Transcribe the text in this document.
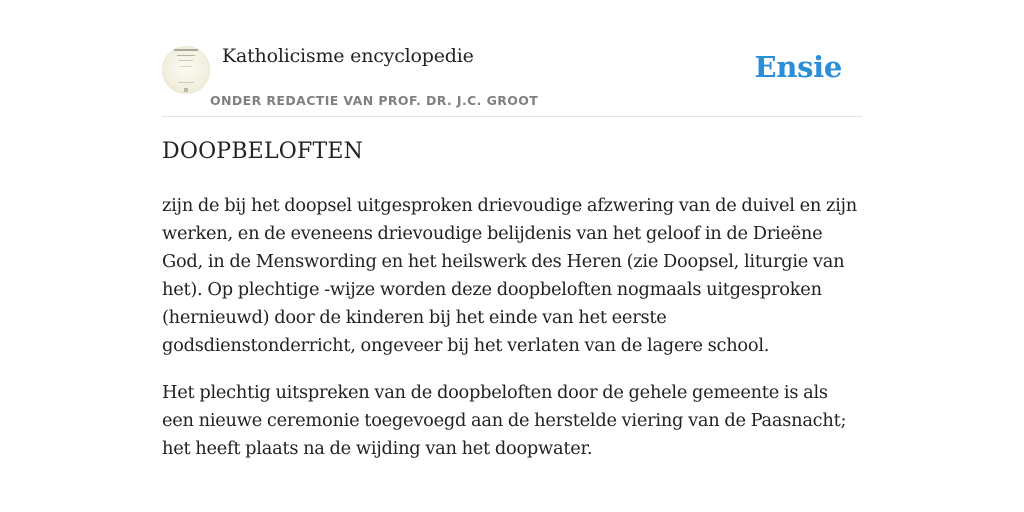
Katholicisme encyclopedie
ONDER REDACTIE VAN PROF. DR. J.C. GROOT
Ensie
DOOPBELOFTEN

zijn de bij het doopsel uitgesproken drievoudige afzwering van de duivel en zijn werken, en de eveneens drievoudige belijdenis van het geloof in de Drieëne God, in de Menswording en het heilswerk des Heren (zie Doopsel, liturgie van het). Op plechtige -wijze worden deze doopbeloften nogmaals uitgesproken (hernieuwd) door de kinderen bij het einde van het eerste godsdienstonderricht, ongeveer bij het verlaten van de lagere school.

Het plechtig uitspreken van de doopbeloften door de gehele gemeente is als een nieuwe ceremonie toegevoegd aan de herstelde viering van de Paasnacht; het heeft plaats na de wijding van het doopwater.
